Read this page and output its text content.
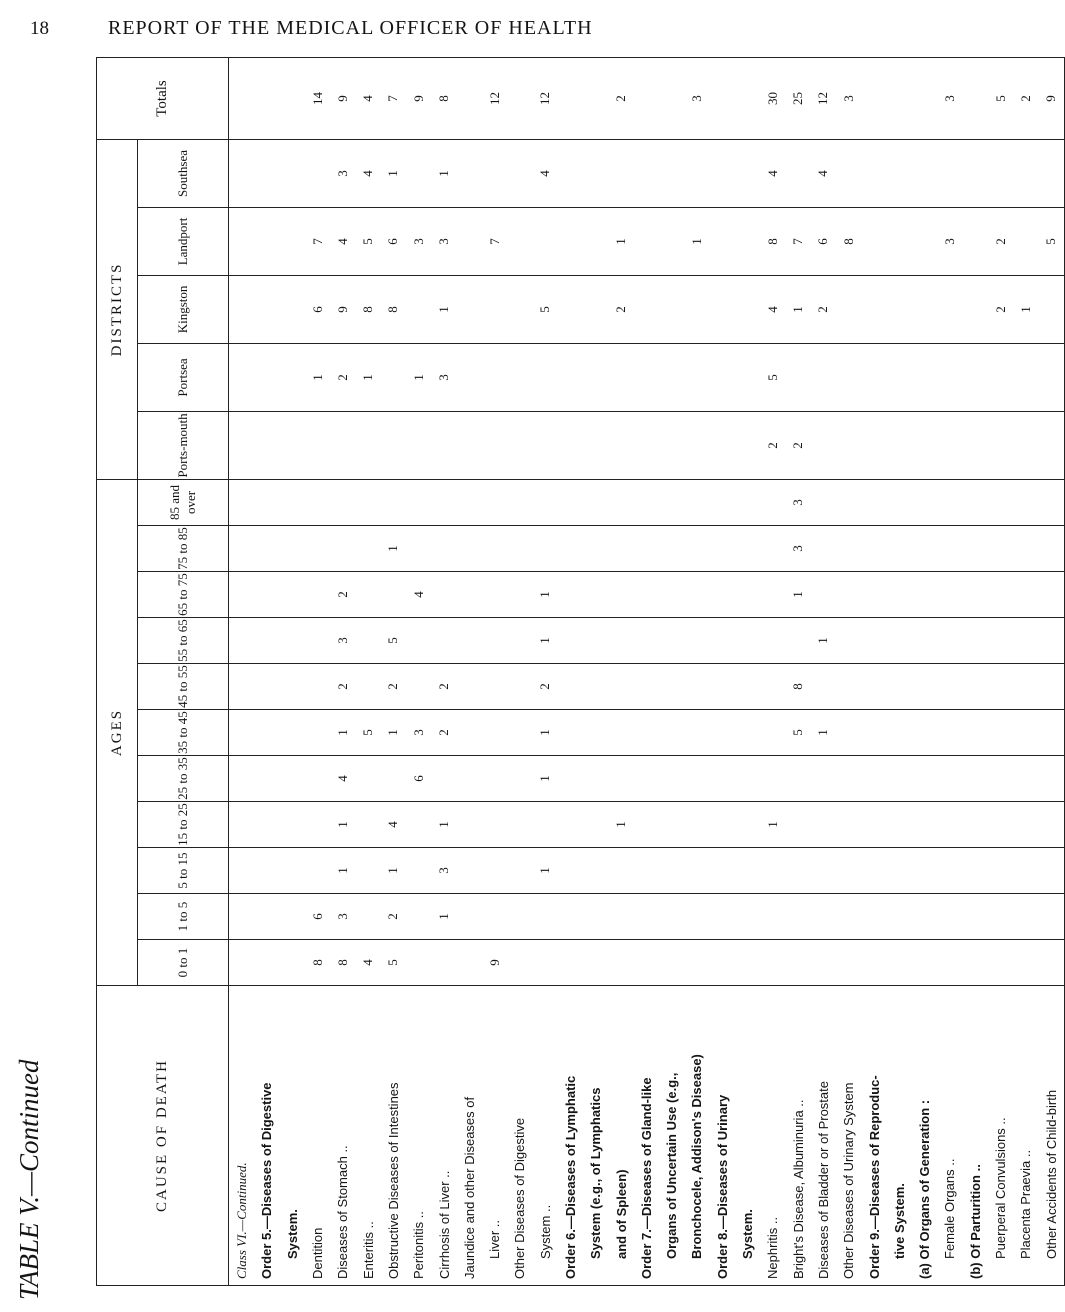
18	REPORT OF THE MEDICAL OFFICER OF HEALTH
TABLE V.—Continued	CAUSE OF DEATH	AGES											DISTRICTS					Totals
	0 to 1	1 to 5	5 to 15	15 to 25	25 to 35	35 to 45	45 to 55	55 to 65	65 to 75	75 to 85	85 and over	Ports-mouth	Portsea	Kingston	Landport	Southsea	
Class VI.—Continued.																	
Order 5.—Diseases of Digestive																	
System.																	
Dentition	8	6											1	6	7		14
Diseases of Stomach ..	8	3	1	1	4	1	2	3	2				2	9	4	3	9
Enteritis ..	4					5							1	8	5	4	4
Obstructive Diseases of Intestines	5	2	1	4		1	2	5		1				8	6	1	7
Peritonitis ..					6	3			4				1		3		9
Cirrhosis of Liver ..		1	3	1		2	2						3	1	3	1	8
Jaundice and other Diseases of																	
Liver ..	9														7		12
Other Diseases of Digestive																	
System ..			1		1	1	2	1	1					5		4	12
Order 6.—Diseases of Lymphatic																	
System (e.g., of Lymphatics																	
and of Spleen)				1										2	1		2
Order 7.—Diseases of Gland-like																	
Organs of Uncertain Use (e.g.,																	
Bronchocele, Addison's Disease)															1		3
Order 8.—Diseases of Urinary																	
System.																	
Nephritis ..				1								2	5	4	8	4	30
Bright's Disease, Albuminuria ..						5	8		1	3	3	2		1	7		25
Diseases of Bladder or of Prostate						1		1						2	6	4	12
Other Diseases of Urinary System															8		3
Order 9.—Diseases of Reproduc-																	
tive System.																	
(a) Of Organs of Generation :																	
Female Organs ..															3		3
(b) Of Parturition ..																	
Puerperal Convulsions ..														2	2		5
Placenta Praevia ..														1			2
Other Accidents of Child-birth															5		9
